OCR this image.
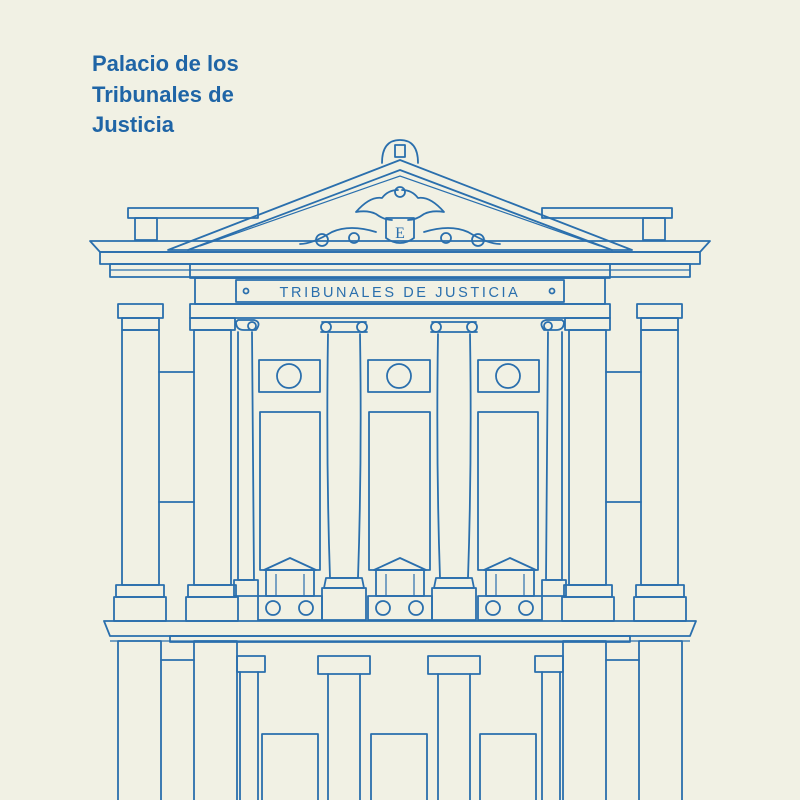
Palacio de los
Tribunales de
Justicia
E
TRIBUNALES DE JUSTICIA
